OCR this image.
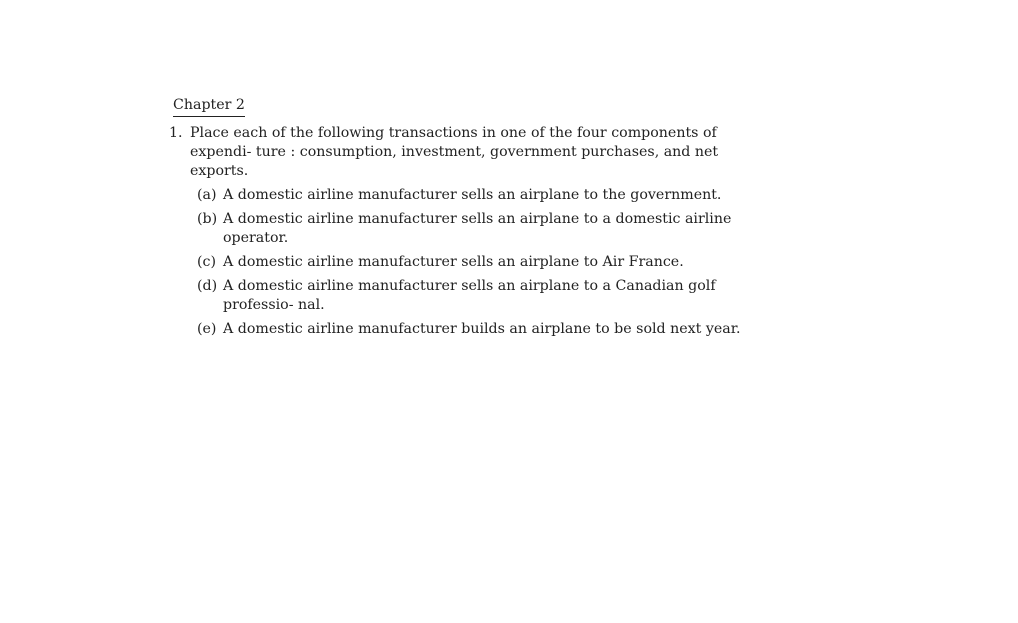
Chapter 2
1. Place each of the following transactions in one of the four components of expendi- ture : consumption, investment, government purchases, and net exports.
(a) A domestic airline manufacturer sells an airplane to the government.
(b) A domestic airline manufacturer sells an airplane to a domestic airline operator.
(c) A domestic airline manufacturer sells an airplane to Air France.
(d) A domestic airline manufacturer sells an airplane to a Canadian golf professio- nal.
(e) A domestic airline manufacturer builds an airplane to be sold next year.
